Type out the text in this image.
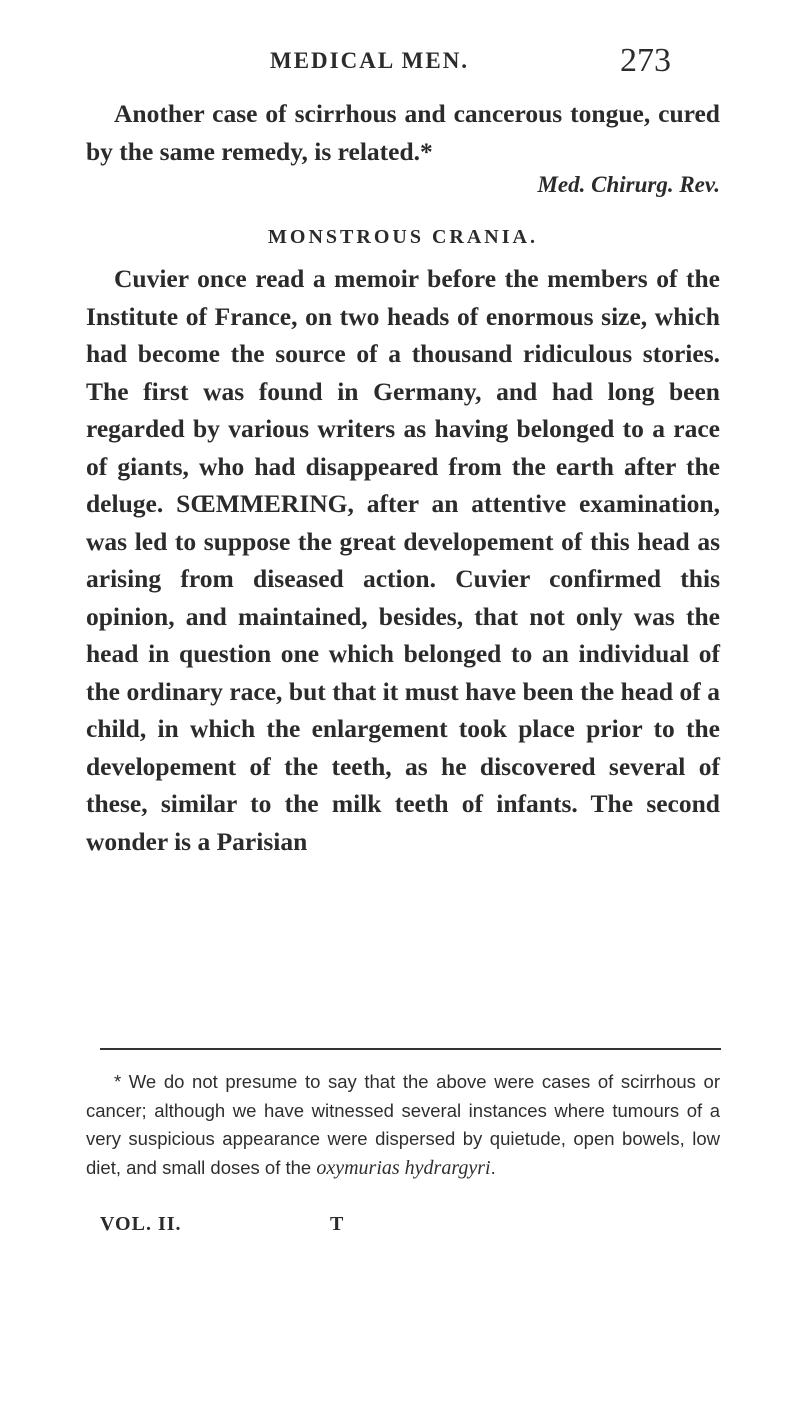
MEDICAL MEN.	273

Another case of scirrhous and cancerous tongue, cured by the same remedy, is related.*

Med. Chirurg. Rev.
MONSTROUS CRANIA.

Cuvier once read a memoir before the members of the Institute of France, on two heads of enormous size, which had become the source of a thousand ridiculous stories. The first was found in Germany, and had long been regarded by various writers as having belonged to a race of giants, who had disappeared from the earth after the deluge. SŒMMERING, after an attentive examination, was led to suppose the great developement of this head as arising from diseased action. Cuvier confirmed this opinion, and maintained, besides, that not only was the head in question one which belonged to an individual of the ordinary race, but that it must have been the head of a child, in which the enlargement took place prior to the developement of the teeth, as he discovered several of these, similar to the milk teeth of infants. The second wonder is a Parisian

* We do not presume to say that the above were cases of scirrhous or cancer; although we have witnessed several instances where tumours of a very suspicious appearance were dispersed by quietude, open bowels, low diet, and small doses of the oxymurias hydrargyri.

VOL. II.	T
